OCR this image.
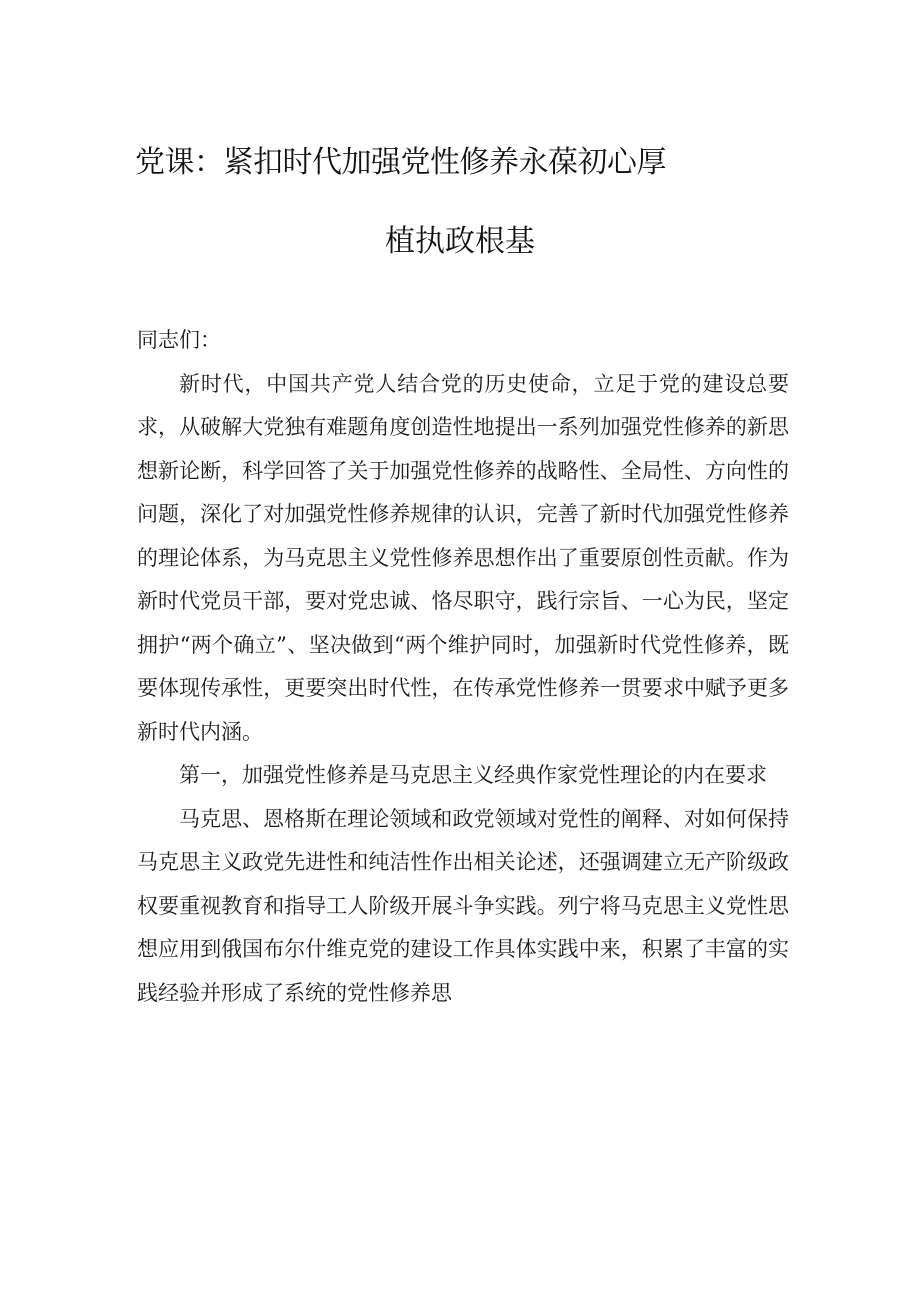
党课：紧扣时代加强党性修养永葆初心厚
植执政根基

同志们：

新时代，中国共产党人结合党的历史使命，立足于党的建设总要求，从破解大党独有难题角度创造性地提出一系列加强党性修养的新思想新论断，科学回答了关于加强党性修养的战略性、全局性、方向性的问题，深化了对加强党性修养规律的认识，完善了新时代加强党性修养的理论体系，为马克思主义党性修养思想作出了重要原创性贡献。作为新时代党员干部，要对党忠诚、恪尽职守，践行宗旨、一心为民，坚定拥护“两个确立”、坚决做到“两个维护同时，加强新时代党性修养，既要体现传承性，更要突出时代性，在传承党性修养一贯要求中赋予更多新时代内涵。

第一，加强党性修养是马克思主义经典作家党性理论的内在要求

马克思、恩格斯在理论领域和政党领域对党性的阐释、对如何保持马克思主义政党先进性和纯洁性作出相关论述，还强调建立无产阶级政权要重视教育和指导工人阶级开展斗争实践。列宁将马克思主义党性思想应用到俄国布尔什维克党的建设工作具体实践中来，积累了丰富的实践经验并形成了系统的党性修养思
